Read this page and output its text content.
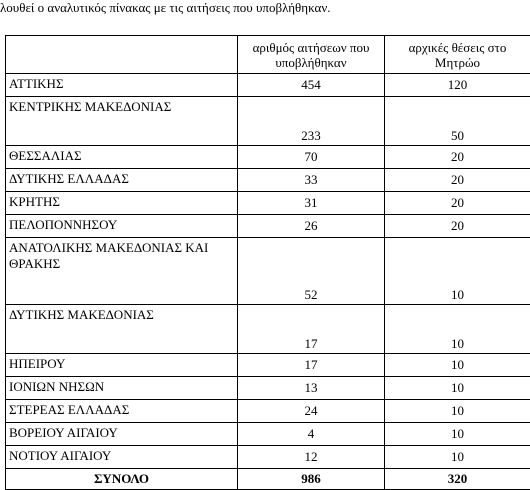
λουθεί ο αναλυτικός πίνακας με τις αιτήσεις που υποβλήθηκαν.
	αριθμός αιτήσεων που υποβλήθηκαν	αρχικές θέσεις στο Μητρώο
ΑΤΤΙΚΗΣ	454	120
ΚΕΝΤΡΙΚΗΣ ΜΑΚΕΔΟΝΙΑΣ	233	50
ΘΕΣΣΑΛΙΑΣ	70	20
ΔΥΤΙΚΗΣ ΕΛΛΑΔΑΣ	33	20
ΚΡΗΤΗΣ	31	20
ΠΕΛΟΠΟΝΝΗΣΟΥ	26	20
ΑΝΑΤΟΛΙΚΗΣ ΜΑΚΕΔΟΝΙΑΣ ΚΑΙ ΘΡΑΚΗΣ	52	10
ΔΥΤΙΚΗΣ ΜΑΚΕΔΟΝΙΑΣ	17	10
ΗΠΕΙΡΟΥ	17	10
ΙΟΝΙΩΝ ΝΗΣΩΝ	13	10
ΣΤΕΡΕΑΣ ΕΛΛΑΔΑΣ	24	10
ΒΟΡΕΙΟΥ ΑΙΓΑΙΟΥ	4	10
ΝΟΤΙΟΥ ΑΙΓΑΙΟΥ	12	10
ΣΥΝΟΛΟ	986	320
